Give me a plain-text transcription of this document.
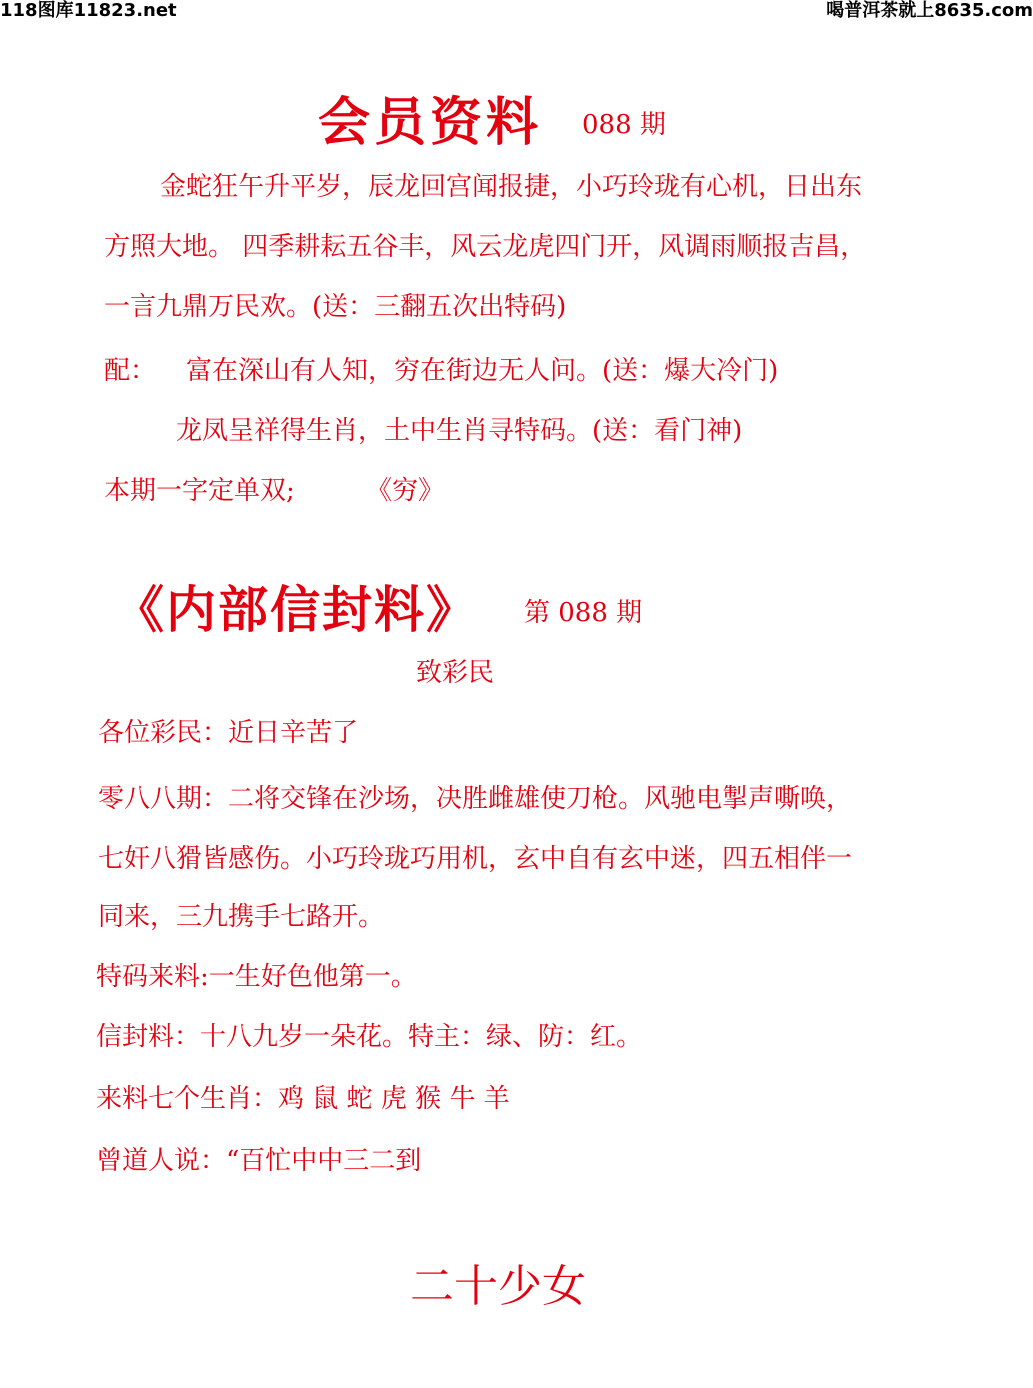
118图库11823.net	喝普洱茶就上8635.com
会员资料 088 期
金蛇狂午升平岁，辰龙回宫闻报捷，小巧玲珑有心机，日出东
方照大地。 四季耕耘五谷丰，风云龙虎四门开，风调雨顺报吉昌，
一言九鼎万民欢。(送：三翻五次出特码)
配： 富在深山有人知，穷在街边无人问。(送：爆大冷门)
龙凤呈祥得生肖，土中生肖寻特码。(送：看门神)
本期一字定单双;	《穷》
《内部信封料》 第 088 期
致彩民
各位彩民：近日辛苦了
零八八期：二将交锋在沙场，决胜雌雄使刀枪。风驰电掣声嘶唤，
七奸八猾皆感伤。小巧玲珑巧用机，玄中自有玄中迷，四五相伴一
同来，三九携手七路开。
特码来料:一生好色他第一。
信封料：十八九岁一朵花。特主：绿、防：红。
来料七个生肖：鸡 鼠 蛇 虎 猴 牛 羊
曾道人说：“百忙中中三二到
二十少女
